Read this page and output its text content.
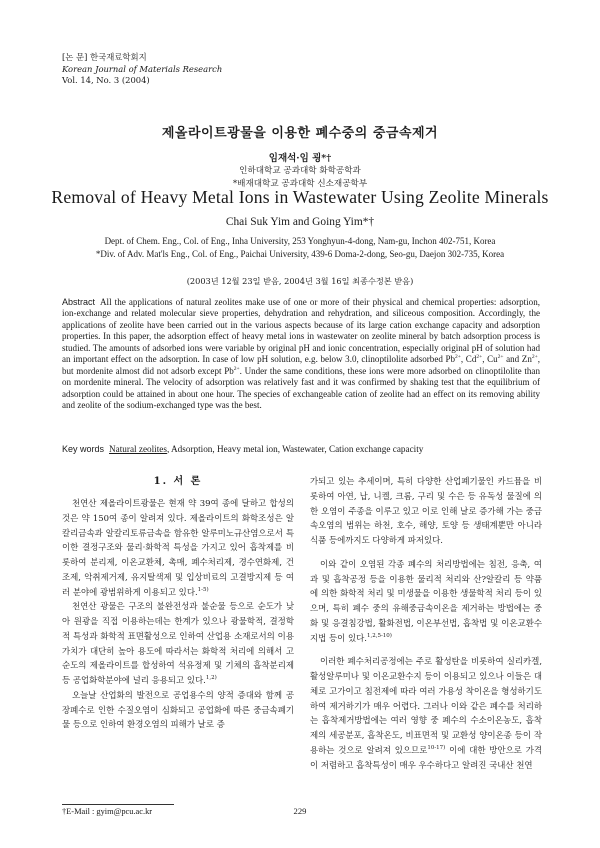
[논 문] 한국재료학회지
Korean Journal of Materials Research
Vol. 14, No. 3 (2004)
제올라이트광물을 이용한 폐수중의 중금속제거
임재석·임 굉*†
인하대학교 공과대학 화학공학과
*배재대학교 공과대학 신소재공학부
Removal of Heavy Metal Ions in Wastewater Using Zeolite Minerals
Chai Suk Yim and Going Yim*†
Dept. of Chem. Eng., Col. of Eng., Inha University, 253 Yonghyun-4-dong, Nam-gu, Inchon 402-751, Korea
*Div. of Adv. Mat'ls Eng., Col. of Eng., Paichai University, 439-6 Doma-2-dong, Seo-gu, Daejon 302-735, Korea
(2003년 12월 23일 받음, 2004년 3월 16일 최종수정본 받음)
Abstract All the applications of natural zeolites make use of one or more of their physical and chemical properties: adsorption, ion-exchange and related molecular sieve properties, dehydration and rehydration, and siliceous composition. Accordingly, the applications of zeolite have been carried out in the various aspects because of its large cation exchange capacity and adsorption properties. In this paper, the adsorption effect of heavy metal ions in wastewater on zeolite mineral by batch adsorption process is studied. The amounts of adsorbed ions were variable by original pH and ionic concentration, especially original pH of solution had an important effect on the adsorption. In case of low pH solution, e.g. below 3.0, clinoptilolite adsorbed $Pb^{2+}$, $Cd^{2+}$, $Cu^{2+}$ and $Zn^{2+}$, but mordenite almost did not adsorb except $Pb^{2+}$. Under the same conditions, these ions were more adsorbed on clinoptilolite than on mordenite mineral. The velocity of adsorption was relatively fast and it was confirmed by shaking test that the equilibrium of adsorption could be attained in about one hour. The species of exchangeable cation of zeolite had an effect on its removing ability and zeolite of the sodium-exchanged type was the best.
Key words Natural zeolites, Adsorption, Heavy metal ion, Wastewater, Cation exchange capacity
1. 서 론

천연산 제올라이트광물은 현재 약 39여 종에 달하고 합성의 것은 약 150여 종이 알려져 있다. 제올라이트의 화학조성은 알칼리금속과 알칼리토류금속을 함유한 알루미노규산염으로서 특이한 결정구조와 물리·화학적 특성을 가지고 있어 흡착제를 비롯하여 분리제, 이온교환체, 촉매, 폐수처리제, 경수연화제, 건조제, 악취제거제, 유지탈색제 및 입상비료의 고결방지제 등 여러 분야에 광범위하게 이용되고 있다.$^{1-5)}$

천연산 광물은 구조의 불완전성과 불순물 등으로 순도가 낮아 원광을 직접 이용하는데는 한계가 있으나 광물학적, 결정학적 특성과 화학적 표면활성으로 인하여 산업용 소재로서의 이용가치가 대단히 높아 용도에 따라서는 화학적 처리에 의해서 고순도의 제올라이트를 합성하여 석유정제 및 기체의 흡착분리제 등 공업화학분야에 널리 응용되고 있다.$^{1,2)}$

오늘날 산업화의 발전으로 공업용수의 양적 증대와 함께 공장폐수로 인한 수질오염이 심화되고 공업화에 따른 중금속폐기물 등으로 인하여 환경오염의 피해가 날로 증

가되고 있는 추세이며, 특히 다양한 산업폐기물인 카드뮴을 비롯하여 아연, 납, 니켈, 크롬, 구리 및 수은 등 유독성 물질에 의한 오염이 주종을 이루고 있고 이로 인해 날로 증가해 가는 중금속오염의 범위는 하천, 호수, 해양, 토양 등 생태계뿐만 아니라 식품 등에까지도 다양하게 파저있다.

이와 같이 오염된 각종 폐수의 처리방법에는 침전, 응축, 여과 및 흡착공정 등을 이용한 물리적 처리와 산?알칼리 등 약품에 의한 화학적 처리 및 미생물을 이용한 생물학적 처리 등이 있으며, 특히 폐수 중의 유해중금속이온을 제거하는 방법에는 중화 및 응결침강법, 활화전법, 이온부선법, 흡착법 및 이온교환수지법 등이 있다.$^{1,2,5-10)}$

이러한 폐수처리공정에는 주로 활성탄을 비롯하여 실리카겔, 활성알루미나 및 이온교환수지 등이 이용되고 있으나 이들은 대체로 고가이고 침전제에 따라 여러 가용성 착이온을 형성하기도 하여 제거하기가 매우 어렵다. 그러나 이와 같은 폐수를 처리하는 흡착제거방법에는 여러 영향 중 폐수의 수소이온농도, 흡착제의 세공분포, 흡착온도, 비표면적 및 교환성 양이온종 등이 작용하는 것으로 알려져 있으므로$^{10-17)}$ 이에 대한 방안으로 가격이 저렴하고 흡착특성이 매우 우수하다고 알려진 국내산 천연

†E-Mail : gyim@pcu.ac.kr	229
